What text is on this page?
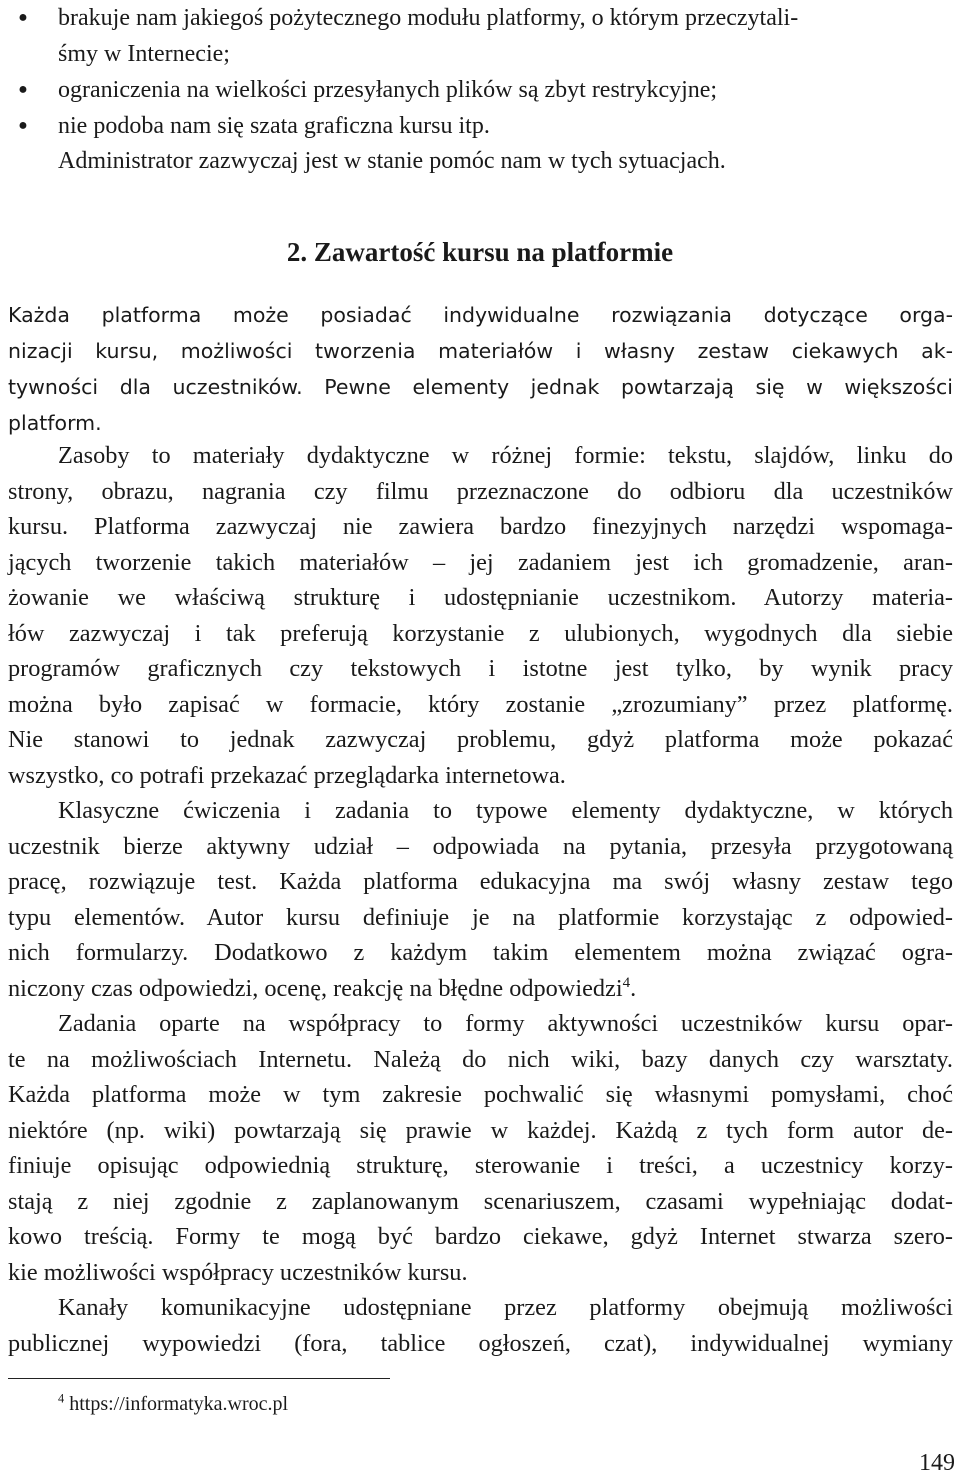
●	brakuje nam jakiegoś pożytecznego modułu platformy, o którym przeczytali-
śmy w Internecie;
●	ograniczenia na wielkości przesyłanych plików są zbyt restrykcyjne;
●	nie podoba nam się szata graficzna kursu itp.
Administrator zazwyczaj jest w stanie pomóc nam w tych sytuacjach.
2. Zawartość kursu na platformie
Każda platforma może posiadać indywidualne rozwiązania dotyczące orga-
nizacji kursu, możliwości tworzenia materiałów i własny zestaw ciekawych ak-
tywności dla uczestników. Pewne elementy jednak powtarzają się w większości
platform.
Zasoby to materiały dydaktyczne w różnej formie: tekstu, slajdów, linku do
strony, obrazu, nagrania czy filmu przeznaczone do odbioru dla uczestników
kursu. Platforma zazwyczaj nie zawiera bardzo finezyjnych narzędzi wspomaga-
jących tworzenie takich materiałów – jej zadaniem jest ich gromadzenie, aran-
żowanie we właściwą strukturę i udostępnianie uczestnikom. Autorzy materia-
łów zazwyczaj i tak preferują korzystanie z ulubionych, wygodnych dla siebie
programów graficznych czy tekstowych i istotne jest tylko, by wynik pracy
można było zapisać w formacie, który zostanie „zrozumiany” przez platformę.
Nie stanowi to jednak zazwyczaj problemu, gdyż platforma może pokazać
wszystko, co potrafi przekazać przeglądarka internetowa.
Klasyczne ćwiczenia i zadania to typowe elementy dydaktyczne, w których
uczestnik bierze aktywny udział – odpowiada na pytania, przesyła przygotowaną
pracę, rozwiązuje test. Każda platforma edukacyjna ma swój własny zestaw tego
typu elementów. Autor kursu definiuje je na platformie korzystając z odpowied-
nich formularzy. Dodatkowo z każdym takim elementem można związać ogra-
niczony czas odpowiedzi, ocenę, reakcję na błędne odpowiedzi$^4$.
Zadania oparte na współpracy to formy aktywności uczestników kursu opar-
te na możliwościach Internetu. Należą do nich wiki, bazy danych czy warsztaty.
Każda platforma może w tym zakresie pochwalić się własnymi pomysłami, choć
niektóre (np. wiki) powtarzają się prawie w każdej. Każdą z tych form autor de-
finiuje opisując odpowiednią strukturę, sterowanie i treści, a uczestnicy korzy-
stają z niej zgodnie z zaplanowanym scenariuszem, czasami wypełniając dodat-
kowo treścią. Formy te mogą być bardzo ciekawe, gdyż Internet stwarza szero-
kie możliwości współpracy uczestników kursu.
Kanały komunikacyjne udostępniane przez platformy obejmują możliwości
publicznej wypowiedzi (fora, tablice ogłoszeń, czat), indywidualnej wymiany
$^4$ https://informatyka.wroc.pl
149
